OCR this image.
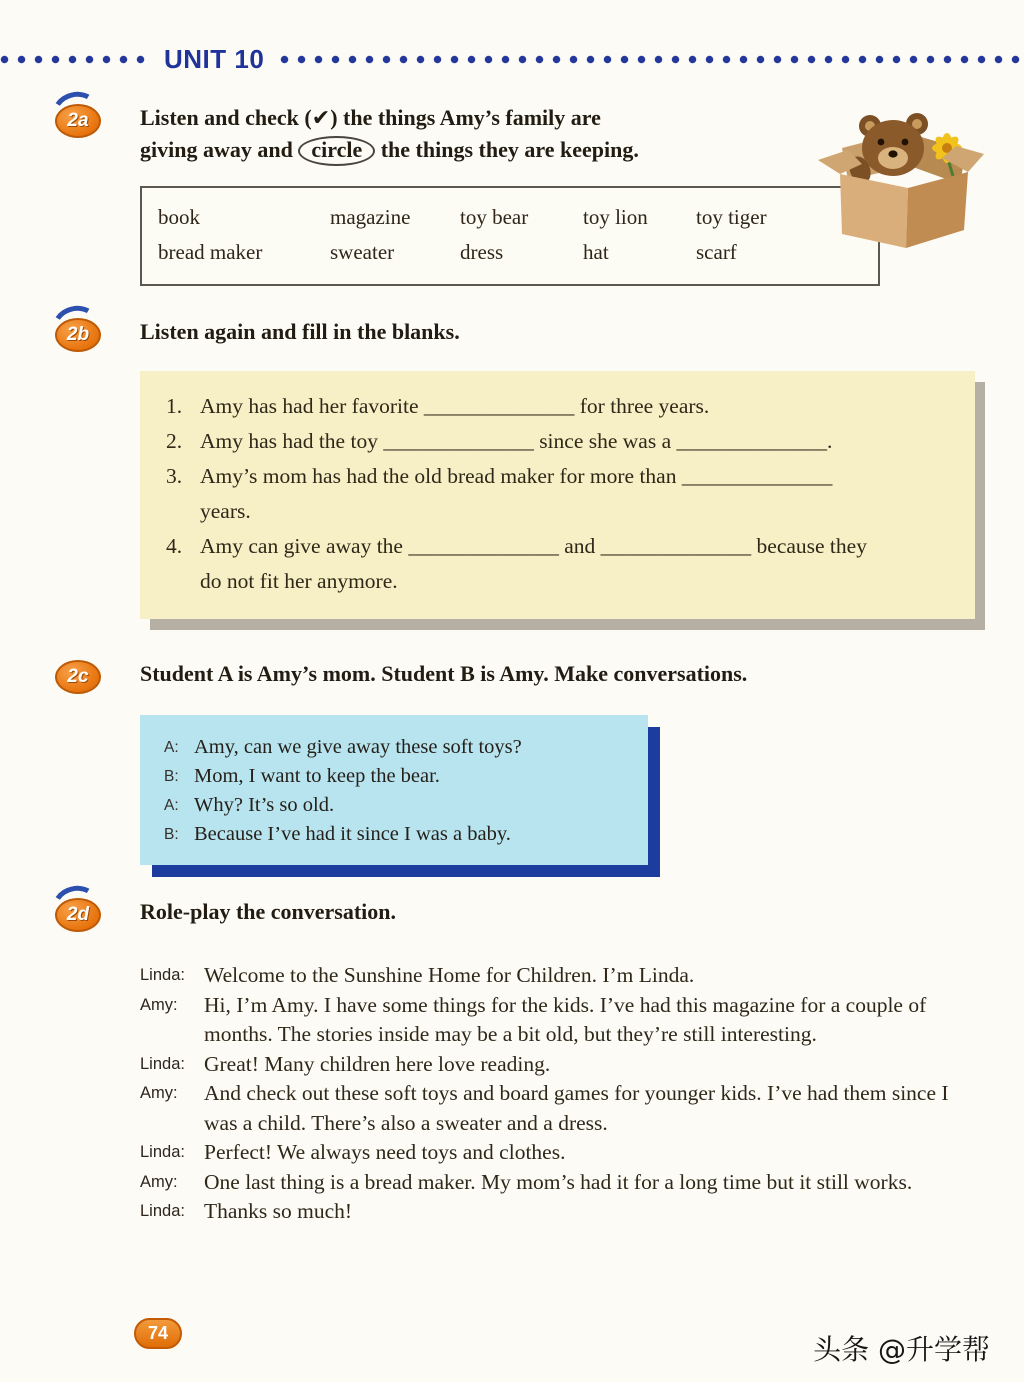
UNIT 10
2a	Listen and check (✔) the things Amy’s family are
giving away and circle the things they are keeping.

book	magazine	toy bear	toy lion	toy tiger
bread maker	sweater	dress	hat	scarf
2b	Listen again and fill in the blanks.

1. Amy has had her favorite ______________ for three years.
2. Amy has had the toy ______________ since she was a ______________.
3. Amy’s mom has had the old bread maker for more than ______________
years.
4. Amy can give away the ______________ and ______________ because they
do not fit her anymore.
2c	Student A is Amy’s mom. Student B is Amy. Make conversations.

A: Amy, can we give away these soft toys?
B: Mom, I want to keep the bear.
A: Why? It’s so old.
B: Because I’ve had it since I was a baby.
2d	Role-play the conversation.

Linda: Welcome to the Sunshine Home for Children. I’m Linda.
Amy:	Hi, I’m Amy. I have some things for the kids. I’ve had this magazine for a couple of months. The stories inside may be a bit old, but they’re still interesting.
Linda: Great! Many children here love reading.
Amy:	And check out these soft toys and board games for younger kids. I’ve had them since I was a child. There’s also a sweater and a dress.
Linda: Perfect! We always need toys and clothes.
Amy:	One last thing is a bread maker. My mom’s had it for a long time but it still works.
Linda: Thanks so much!
74	头条 @升学帮
